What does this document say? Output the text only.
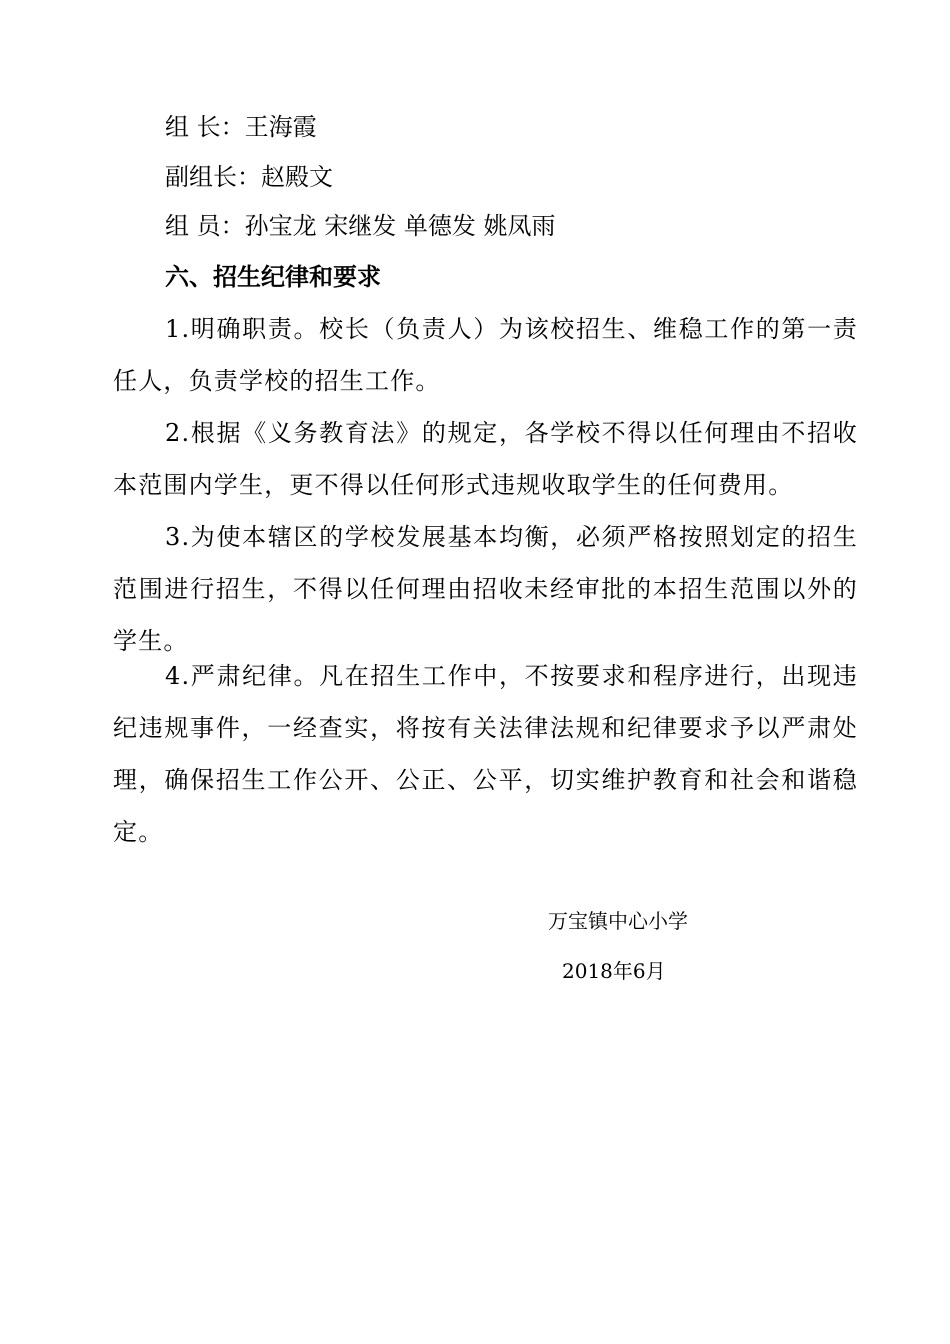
组 长：王海霞
副组长：赵殿文
组 员：孙宝龙 宋继发 单德发 姚凤雨
六、招生纪律和要求
1.明确职责。校长（负责人）为该校招生、维稳工作的第一责任人，负责学校的招生工作。
2.根据《义务教育法》的规定，各学校不得以任何理由不招收本范围内学生，更不得以任何形式违规收取学生的任何费用。
3.为使本辖区的学校发展基本均衡，必须严格按照划定的招生范围进行招生，不得以任何理由招收未经审批的本招生范围以外的学生。
4.严肃纪律。凡在招生工作中，不按要求和程序进行，出现违纪违规事件，一经查实，将按有关法律法规和纪律要求予以严肃处理，确保招生工作公开、公正、公平，切实维护教育和社会和谐稳定。
万宝镇中心小学
2018年6月
